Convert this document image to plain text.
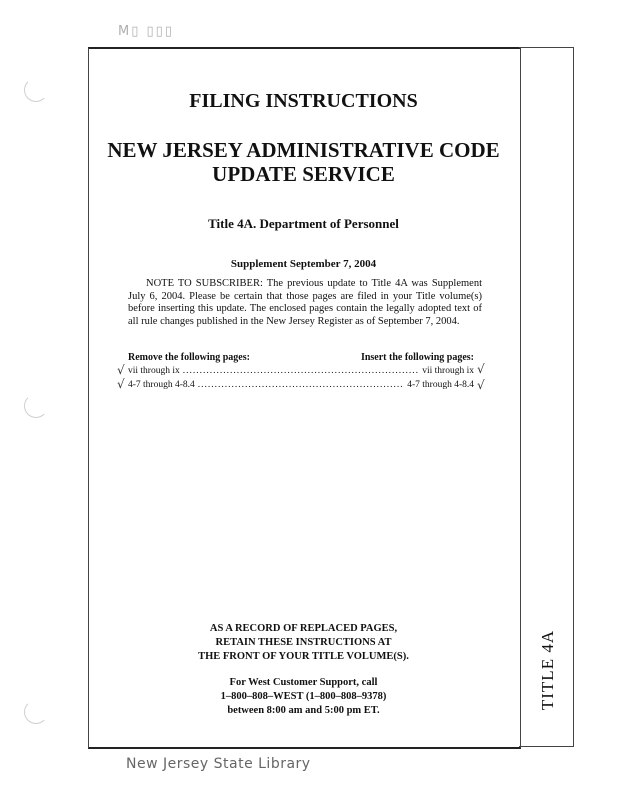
M▯ ▯▯▯
FILING INSTRUCTIONS
NEW JERSEY ADMINISTRATIVE CODE
UPDATE SERVICE
Title 4A. Department of Personnel
Supplement September 7, 2004
NOTE TO SUBSCRIBER: The previous update to Title 4A was Supplement July 6, 2004. Please be certain that those pages are filed in your Title volume(s) before inserting this update. The enclosed pages contain the legally adopted text of all rule changes published in the New Jersey Register as of September 7, 2004.
Remove the following pages:	Insert the following pages:
vii through ix .....	vii through ix
4-7 through 4-8.4 .....	4-7 through 4-8.4
√
√
√
√
AS A RECORD OF REPLACED PAGES,
RETAIN THESE INSTRUCTIONS AT
THE FRONT OF YOUR TITLE VOLUME(S).
For West Customer Support, call
1–800–808–WEST (1–800–808–9378)
between 8:00 am and 5:00 pm ET.
TITLE 4A
New Jersey State Library
